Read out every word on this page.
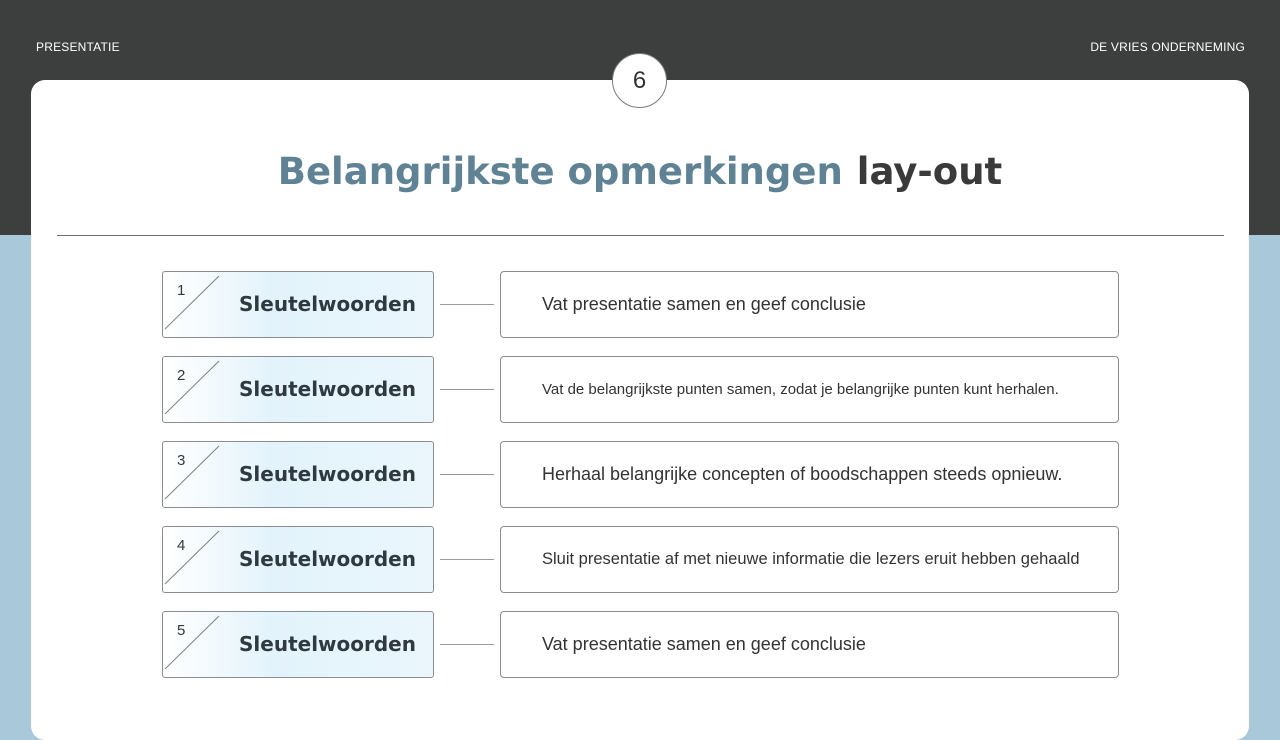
PRESENTATIE	DE VRIES ONDERNEMING
6
Belangrijkste opmerkingen lay-out
1
Sleutelwoorden	Vat presentatie samen en geef conclusie
2
Sleutelwoorden	Vat de belangrijkste punten samen, zodat je belangrijke punten kunt herhalen.
3
Sleutelwoorden	Herhaal belangrijke concepten of boodschappen steeds opnieuw.
4
Sleutelwoorden	Sluit presentatie af met nieuwe informatie die lezers eruit hebben gehaald
5
Sleutelwoorden	Vat presentatie samen en geef conclusie
